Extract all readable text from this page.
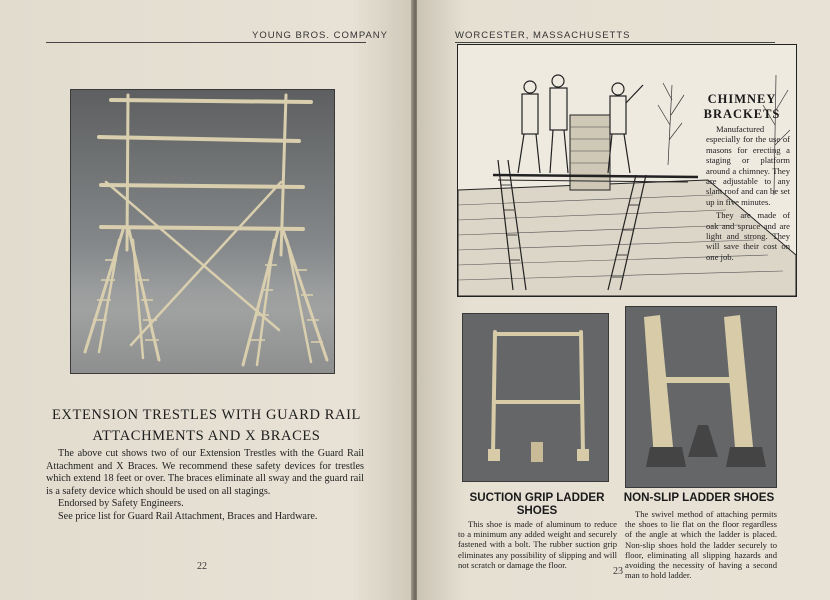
YOUNG BROS. COMPANY
EXTENSION TRESTLES WITH GUARD RAIL
ATTACHMENTS AND X BRACES

The above cut shows two of our Extension Trestles with the Guard Rail Attachment and X Braces. We recommend these safety devices for trestles which extend 18 feet or over. The braces eliminate all sway and the guard rail is a safety device which should be used on all stagings.

Endorsed by Safety Engineers.

See price list for Guard Rail Attachment, Braces and Hardware.

22
WORCESTER, MASSACHUSETTS
CHIMNEY
BRACKETS

Manufactured especially for the use of masons for erecting a staging or platform around a chimney. They are adjustable to any slant roof and can be set up in five minutes.

They are made of oak and spruce and are light and strong. They will save their cost on one job.

SUCTION GRIP LADDER
SHOES

This shoe is made of aluminum to reduce to a minimum any added weight and securely fastened with a bolt. The rubber suction grip eliminates any possibility of slipping and will not scratch or damage the floor.

NON-SLIP LADDER SHOES

The swivel method of attaching permits the shoes to lie flat on the floor regardless of the angle at which the ladder is placed. Non-slip shoes hold the ladder securely to floor, eliminating all slipping hazards and avoiding the necessity of having a second man to hold ladder.

23
